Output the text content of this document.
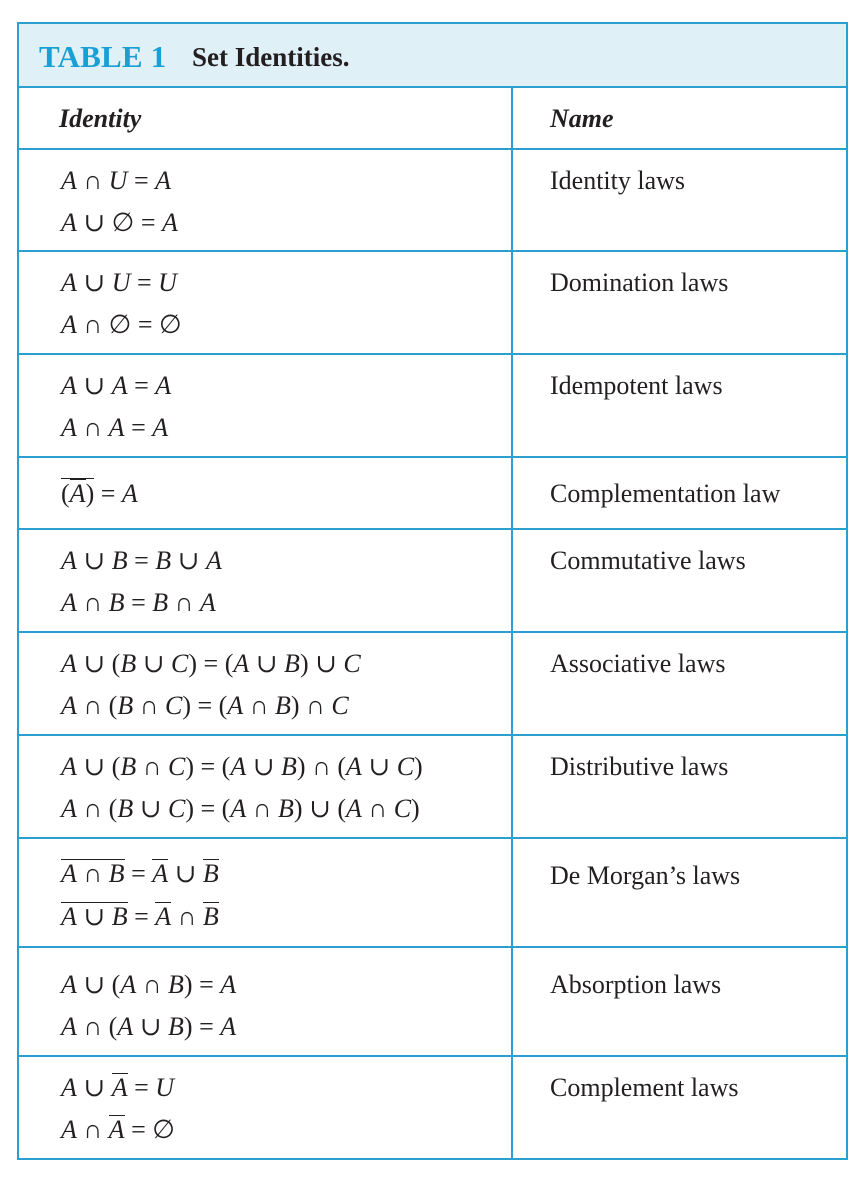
TABLE 1 Set Identities.
Identity	Name
A ∩ U = A
A ∪ ∅ = A
Identity laws
A ∪ U = U
A ∩ ∅ = ∅
Domination laws
A ∪ A = A
A ∩ A = A
Idempotent laws
(A) = A	Complementation law
A ∪ B = B ∪ A
A ∩ B = B ∩ A
Commutative laws
A ∪ (B ∪ C) = (A ∪ B) ∪ C
A ∩ (B ∩ C) = (A ∩ B) ∩ C
Associative laws
A ∪ (B ∩ C) = (A ∪ B) ∩ (A ∪ C)
A ∩ (B ∪ C) = (A ∩ B) ∪ (A ∩ C)
Distributive laws
A ∩ B = A ∪ B
A ∪ B = A ∩ B
De Morgan’s laws
A ∪ (A ∩ B) = A
A ∩ (A ∪ B) = A
Absorption laws
A ∪ A = U
A ∩ A = ∅
Complement laws
